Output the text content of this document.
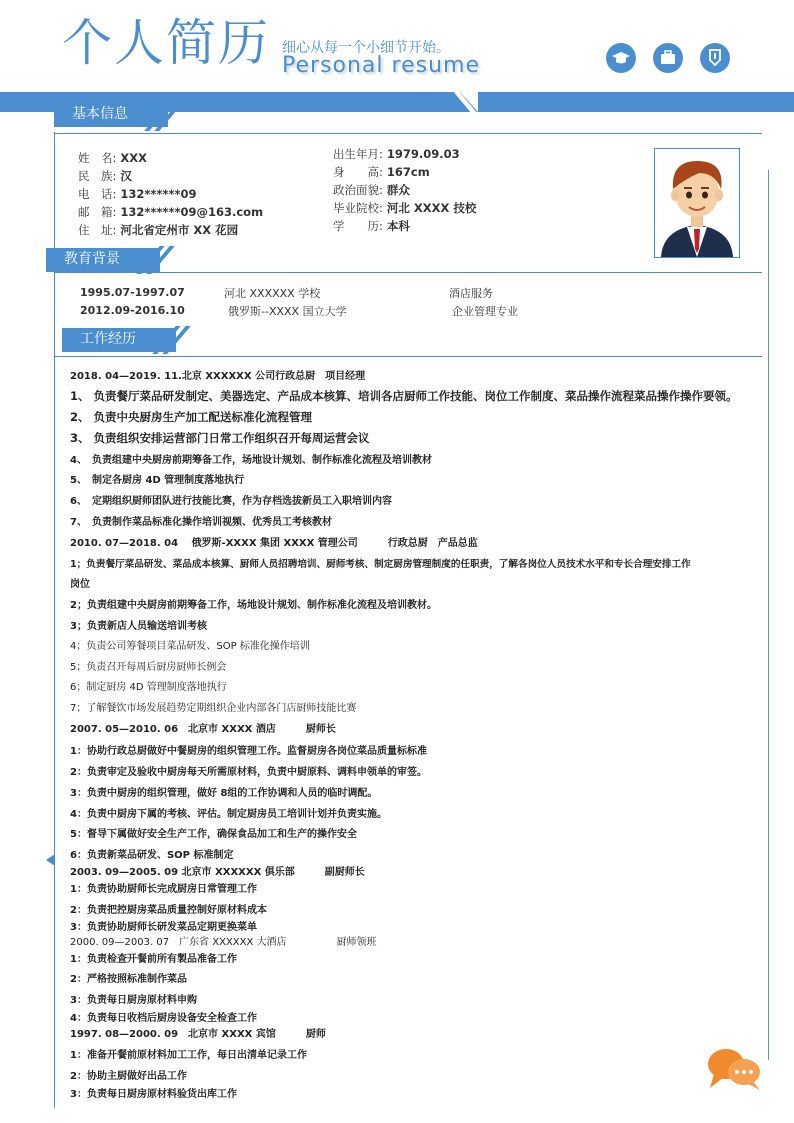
个人简历 细心从每一个小细节开始。
Personal resume
基本信息
姓　名: XXX
民　族: 汉
电　话: 132******09
邮　箱: 132******09@163.com
住　址: 河北省定州市 XX 花园
出生年月: 1979.09.03
身　　高: 167cm
政治面貌: 群众
毕业院校: 河北 XXXX 技校
学　　历: 本科
教育背景
1995.07-1997.07	河北 XXXXXX 学校	酒店服务
2012.09-2016.10	俄罗斯--XXXX 国立大学	企业管理专业
工作经历
2018. 04—2019. 11.北京 XXXXXX 公司行政总厨　项目经理
1、 负责餐厅菜品研发制定、美器选定、产品成本核算、培训各店厨师工作技能、岗位工作制度、菜品操作流程菜品操作操作要领。
2、 负责中央厨房生产加工配送标准化流程管理
3、 负责组织安排运营部门日常工作组织召开每周运营会议
4、　负责组建中央厨房前期筹备工作，场地设计规划、制作标准化流程及培训教材
5、　制定各厨房 4D 管理制度落地执行
6、　定期组织厨师团队进行技能比赛，作为存档选拔新员工入职培训内容
7、　负责制作菜品标准化操作培训视频、优秀员工考核教材
2010. 07—2018. 04　 俄罗斯-XXXX 集团 XXXX 管理公司　　　行政总厨　产品总监
1；负责餐厅菜品研发、菜品成本核算、厨师人员招聘培训、厨师考核、制定厨房管理制度的任职责，了解各岗位人员技术水平和专长合理安排工作
岗位
2；负责组建中央厨房前期筹备工作，场地设计规划、制作标准化流程及培训教材。
3；负责新店人员输送培训考核
4；负责公司筹餐项目菜品研发、SOP 标准化操作培训
5；负责召开每周后厨房厨师长例会
6；制定厨房 4D 管理制度落地执行
7；了解餐饮市场发展趋势定期组织企业内部各门店厨师技能比赛
2007. 05—2010. 06　北京市 XXXX 酒店　　　厨师长
1：协助行政总厨做好中餐厨房的组织管理工作。监督厨房各岗位菜品质量标标准
2：负责审定及验收中厨房每天所需原材料，负责中厨原料、调料申领单的审签。
3：负责中厨房的组织管理，做好 8组的工作协调和人员的临时调配。
4：负责中厨房下属的考核、评估。制定厨房员工培训计划并负责实施。
5：督导下属做好安全生产工作，确保食品加工和生产的操作安全
6：负责新菜品研发、SOP 标准制定
2003. 09—2005. 09 北京市 XXXXXX 俱乐部　　　副厨师长
1：负责协助厨师长完成厨房日常管理工作
2：负责把控厨房菜品质量控制好原材料成本
3：负责协助厨师长研发菜品定期更换菜单
2000. 09—2003. 07　广东省 XXXXXX 大酒店　　　　　厨师领班
1：负责检查开餐前所有製品准备工作
2：严格按照标准制作菜品
3：负责每日厨房原材料申购
4：负责每日收档后厨房设备安全检查工作
1997. 08—2000. 09　北京市 XXXX 宾馆　　　厨师
1：准备开餐前原材料加工工作，每日出清单记录工作
2：协助主厨做好出品工作
3：负责每日厨房原材料验货出库工作
